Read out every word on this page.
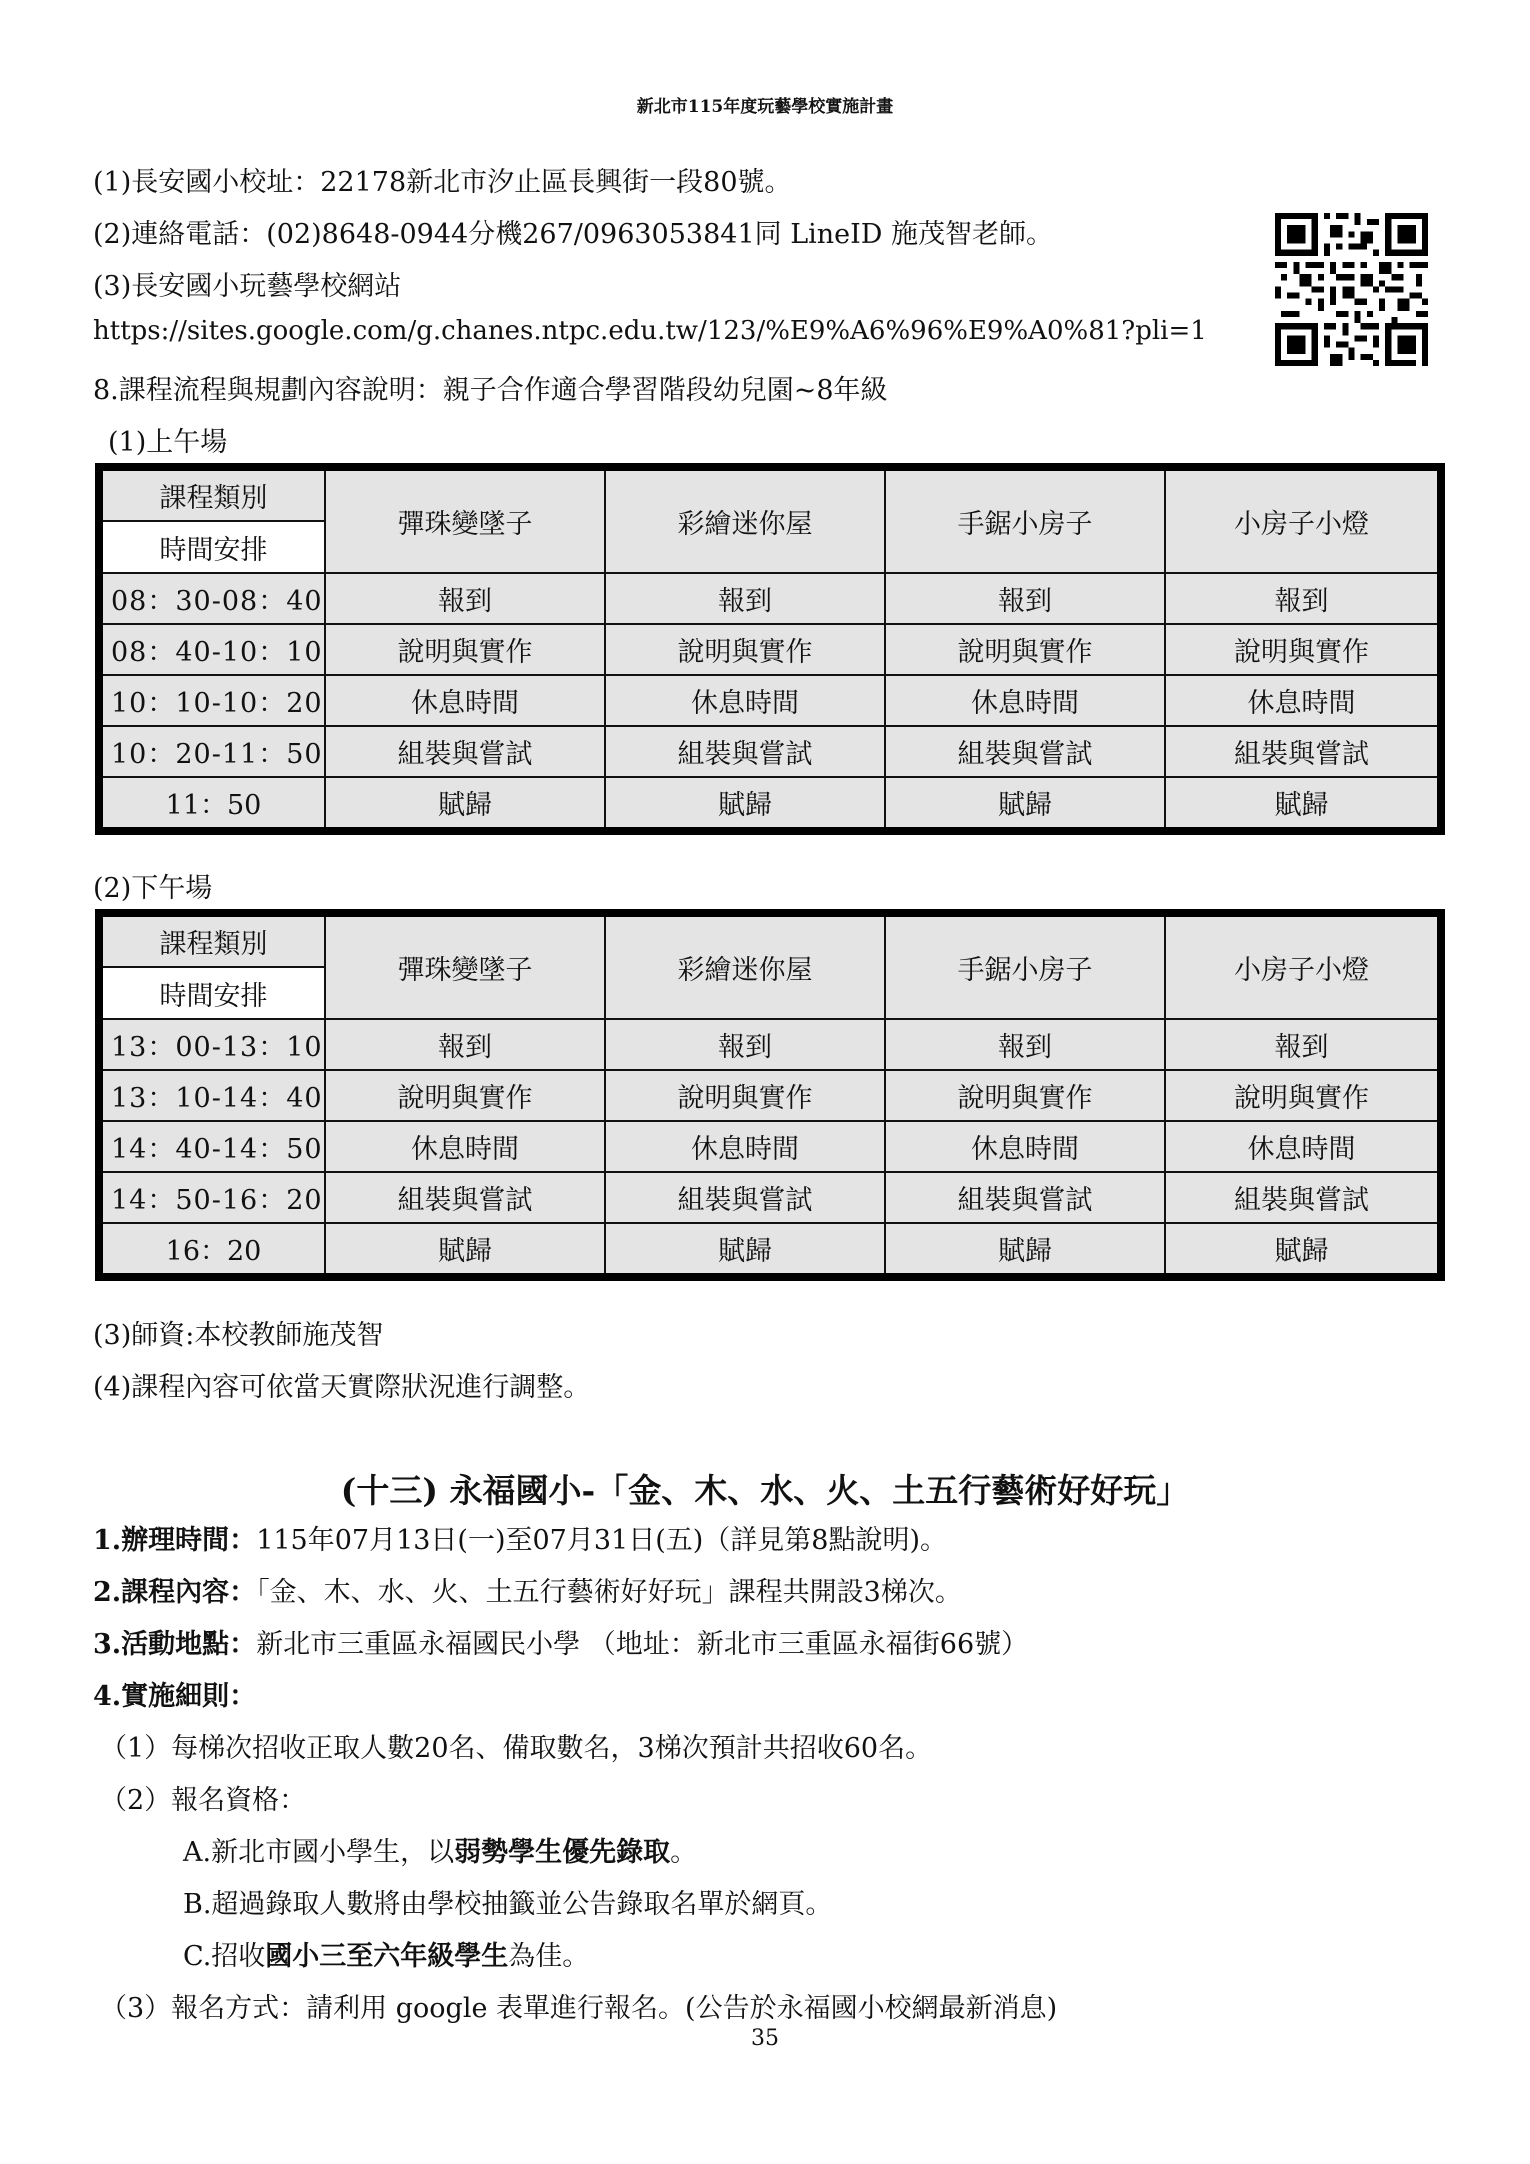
新北市115年度玩藝學校實施計畫
(1)長安國小校址：22178新北市汐止區長興街一段80號。
(2)連絡電話：(02)8648-0944分機267/0963053841同 LineID 施茂智老師。
(3)長安國小玩藝學校網站
https://sites.google.com/g.chanes.ntpc.edu.tw/123/%E9%A6%96%E9%A0%81?pli=1
8.課程流程與規劃內容說明：親子合作適合學習階段幼兒園~8年級
(1)上午場
課程類別	彈珠變墜子	彩繪迷你屋	手鋸小房子	小房子小燈
時間安排				
08：30-08：40	報到	報到	報到	報到
08：40-10：10	說明與實作	說明與實作	說明與實作	說明與實作
10：10-10：20	休息時間	休息時間	休息時間	休息時間
10：20-11：50	組裝與嘗試	組裝與嘗試	組裝與嘗試	組裝與嘗試
11：50	賦歸	賦歸	賦歸	賦歸
(2)下午場
課程類別	彈珠變墜子	彩繪迷你屋	手鋸小房子	小房子小燈
時間安排				
13：00-13：10	報到	報到	報到	報到
13：10-14：40	說明與實作	說明與實作	說明與實作	說明與實作
14：40-14：50	休息時間	休息時間	休息時間	休息時間
14：50-16：20	組裝與嘗試	組裝與嘗試	組裝與嘗試	組裝與嘗試
16：20	賦歸	賦歸	賦歸	賦歸
(3)師資:本校教師施茂智
(4)課程內容可依當天實際狀況進行調整。
(十三) 永福國小-「金、木、水、火、土五行藝術好好玩」
1.辦理時間：115年07月13日(一)至07月31日(五)（詳見第8點說明)。
2.課程內容：「金、木、水、火、土五行藝術好好玩」課程共開設3梯次。
3.活動地點：新北市三重區永福國民小學 （地址：新北市三重區永福街66號）
4.實施細則：
（1）每梯次招收正取人數20名、備取數名，3梯次預計共招收60名。
（2）報名資格：
A.新北市國小學生，以弱勢學生優先錄取。
B.超過錄取人數將由學校抽籤並公告錄取名單於網頁。
C.招收國小三至六年級學生為佳。
（3）報名方式：請利用 google 表單進行報名。(公告於永福國小校網最新消息)
35
